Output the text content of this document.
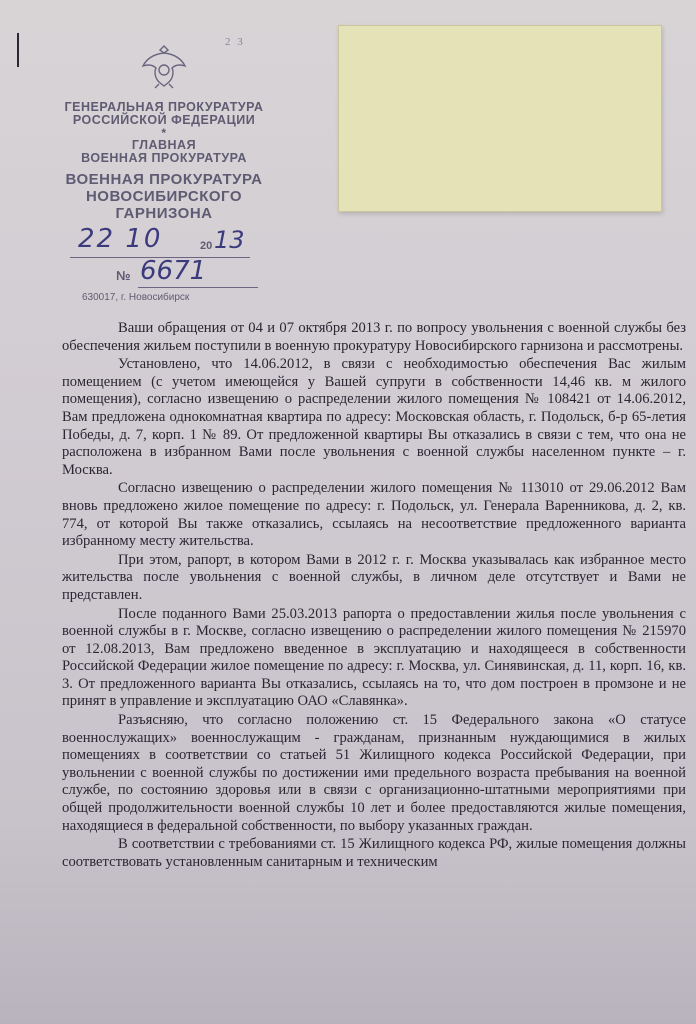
2 3
ГЕНЕРАЛЬНАЯ ПРОКУРАТУРА
РОССИЙСКОЙ ФЕДЕРАЦИИ
*
ГЛАВНАЯ
ВОЕННАЯ ПРОКУРАТУРА
ВОЕННАЯ ПРОКУРАТУРА
НОВОСИБИРСКОГО
ГАРНИЗОНА
22 10	20 13
№ 6671
630017, г. Новосибирск

Ваши обращения от 04 и 07 октября 2013 г. по вопросу увольнения с военной службы без обеспечения жильем поступили в военную прокуратуру Новосибирского гарнизона и рассмотрены.

Установлено, что 14.06.2012, в связи с необходимостью обеспечения Вас жилым помещением (с учетом имеющейся у Вашей супруги в собственности 14,46 кв. м жилого помещения), согласно извещению о распределении жилого помещения № 108421 от 14.06.2012, Вам предложена однокомнатная квартира по адресу: Московская область, г. Подольск, б-р 65-летия Победы, д. 7, корп. 1 № 89. От предложенной квартиры Вы отказались в связи с тем, что она не расположена в избранном Вами после увольнения с военной службы населенном пункте – г. Москва.

Согласно извещению о распределении жилого помещения № 113010 от 29.06.2012 Вам вновь предложено жилое помещение по адресу: г. Подольск, ул. Генерала Варенникова, д. 2, кв. 774, от которой Вы также отказались, ссылаясь на несоответствие предложенного варианта избранному месту жительства.

При этом, рапорт, в котором Вами в 2012 г. г. Москва указывалась как избранное место жительства после увольнения с военной службы, в личном деле отсутствует и Вами не представлен.

После поданного Вами 25.03.2013 рапорта о предоставлении жилья после увольнения с военной службы в г. Москве, согласно извещению о распределении жилого помещения № 215970 от 12.08.2013, Вам предложено введенное в эксплуатацию и находящееся в собственности Российской Федерации жилое помещение по адресу: г. Москва, ул. Синявинская, д. 11, корп. 16, кв. 3. От предложенного варианта Вы отказались, ссылаясь на то, что дом построен в промзоне и не принят в управление и эксплуатацию ОАО «Славянка».

Разъясняю, что согласно положению ст. 15 Федерального закона «О статусе военнослужащих» военнослужащим - гражданам, признанным нуждающимися в жилых помещениях в соответствии со статьей 51 Жилищного кодекса Российской Федерации, при увольнении с военной службы по достижении ими предельного возраста пребывания на военной службе, по состоянию здоровья или в связи с организационно-штатными мероприятиями при общей продолжительности военной службы 10 лет и более предоставляются жилые помещения, находящиеся в федеральной собственности, по выбору указанных граждан.

В соответствии с требованиями ст. 15 Жилищного кодекса РФ, жилые помещения должны соответствовать установленным санитарным и техническим
